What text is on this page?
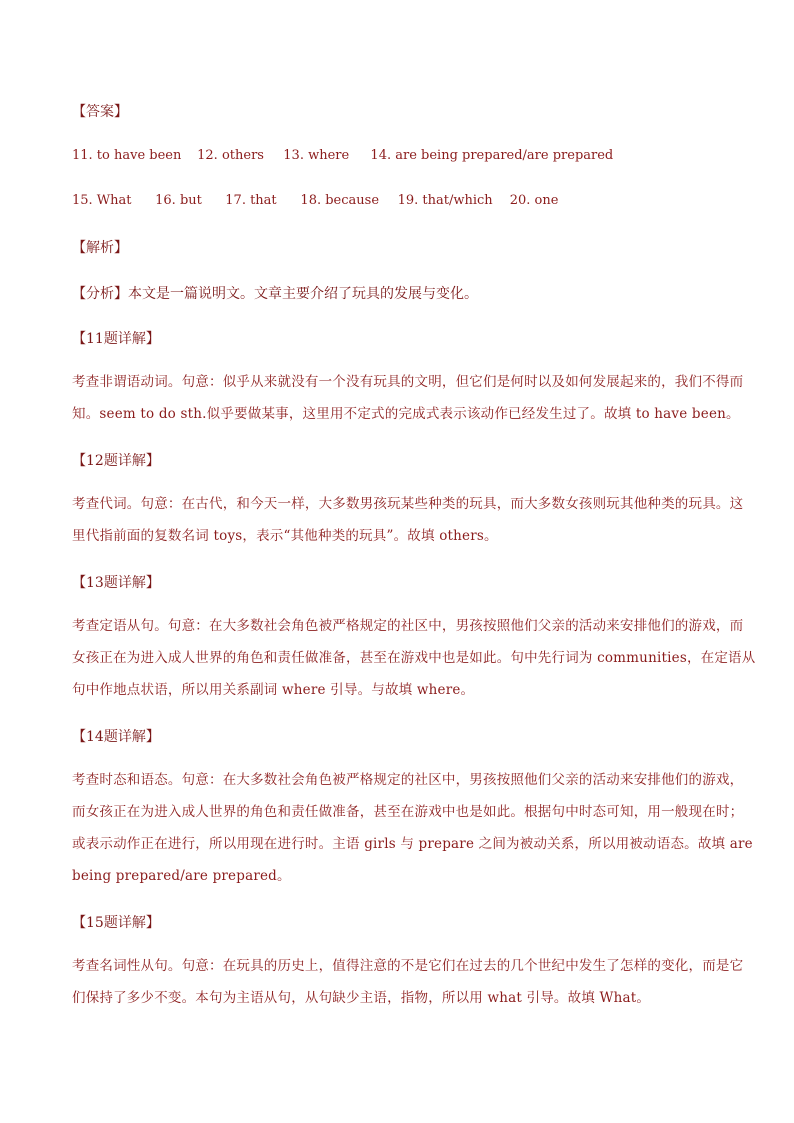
【答案】
11. to have been 12. others 13. where 14. are being prepared/are prepared
15. What 16. but 17. that 18. because 19. that/which 20. one
【解析】
【分析】本文是一篇说明文。文章主要介绍了玩具的发展与变化。
【11题详解】
考查非谓语动词。句意：似乎从来就没有一个没有玩具的文明，但它们是何时以及如何发展起来的，我们不得而
知。seem to do sth.似乎要做某事，这里用不定式的完成式表示该动作已经发生过了。故填 to have been。
【12题详解】
考查代词。句意：在古代，和今天一样，大多数男孩玩某些种类的玩具，而大多数女孩则玩其他种类的玩具。这
里代指前面的复数名词 toys，表示“其他种类的玩具”。故填 others。
【13题详解】
考查定语从句。句意：在大多数社会角色被严格规定的社区中，男孩按照他们父亲的活动来安排他们的游戏，而
女孩正在为进入成人世界的角色和责任做准备，甚至在游戏中也是如此。句中先行词为 communities，在定语从
句中作地点状语，所以用关系副词 where 引导。与故填 where。
【14题详解】
考查时态和语态。句意：在大多数社会角色被严格规定的社区中，男孩按照他们父亲的活动来安排他们的游戏，
而女孩正在为进入成人世界的角色和责任做准备，甚至在游戏中也是如此。根据句中时态可知，用一般现在时；
或表示动作正在进行，所以用现在进行时。主语 girls 与 prepare 之间为被动关系，所以用被动语态。故填 are
being prepared/are prepared。
【15题详解】
考查名词性从句。句意：在玩具的历史上，值得注意的不是它们在过去的几个世纪中发生了怎样的变化，而是它
们保持了多少不变。本句为主语从句，从句缺少主语，指物，所以用 what 引导。故填 What。
